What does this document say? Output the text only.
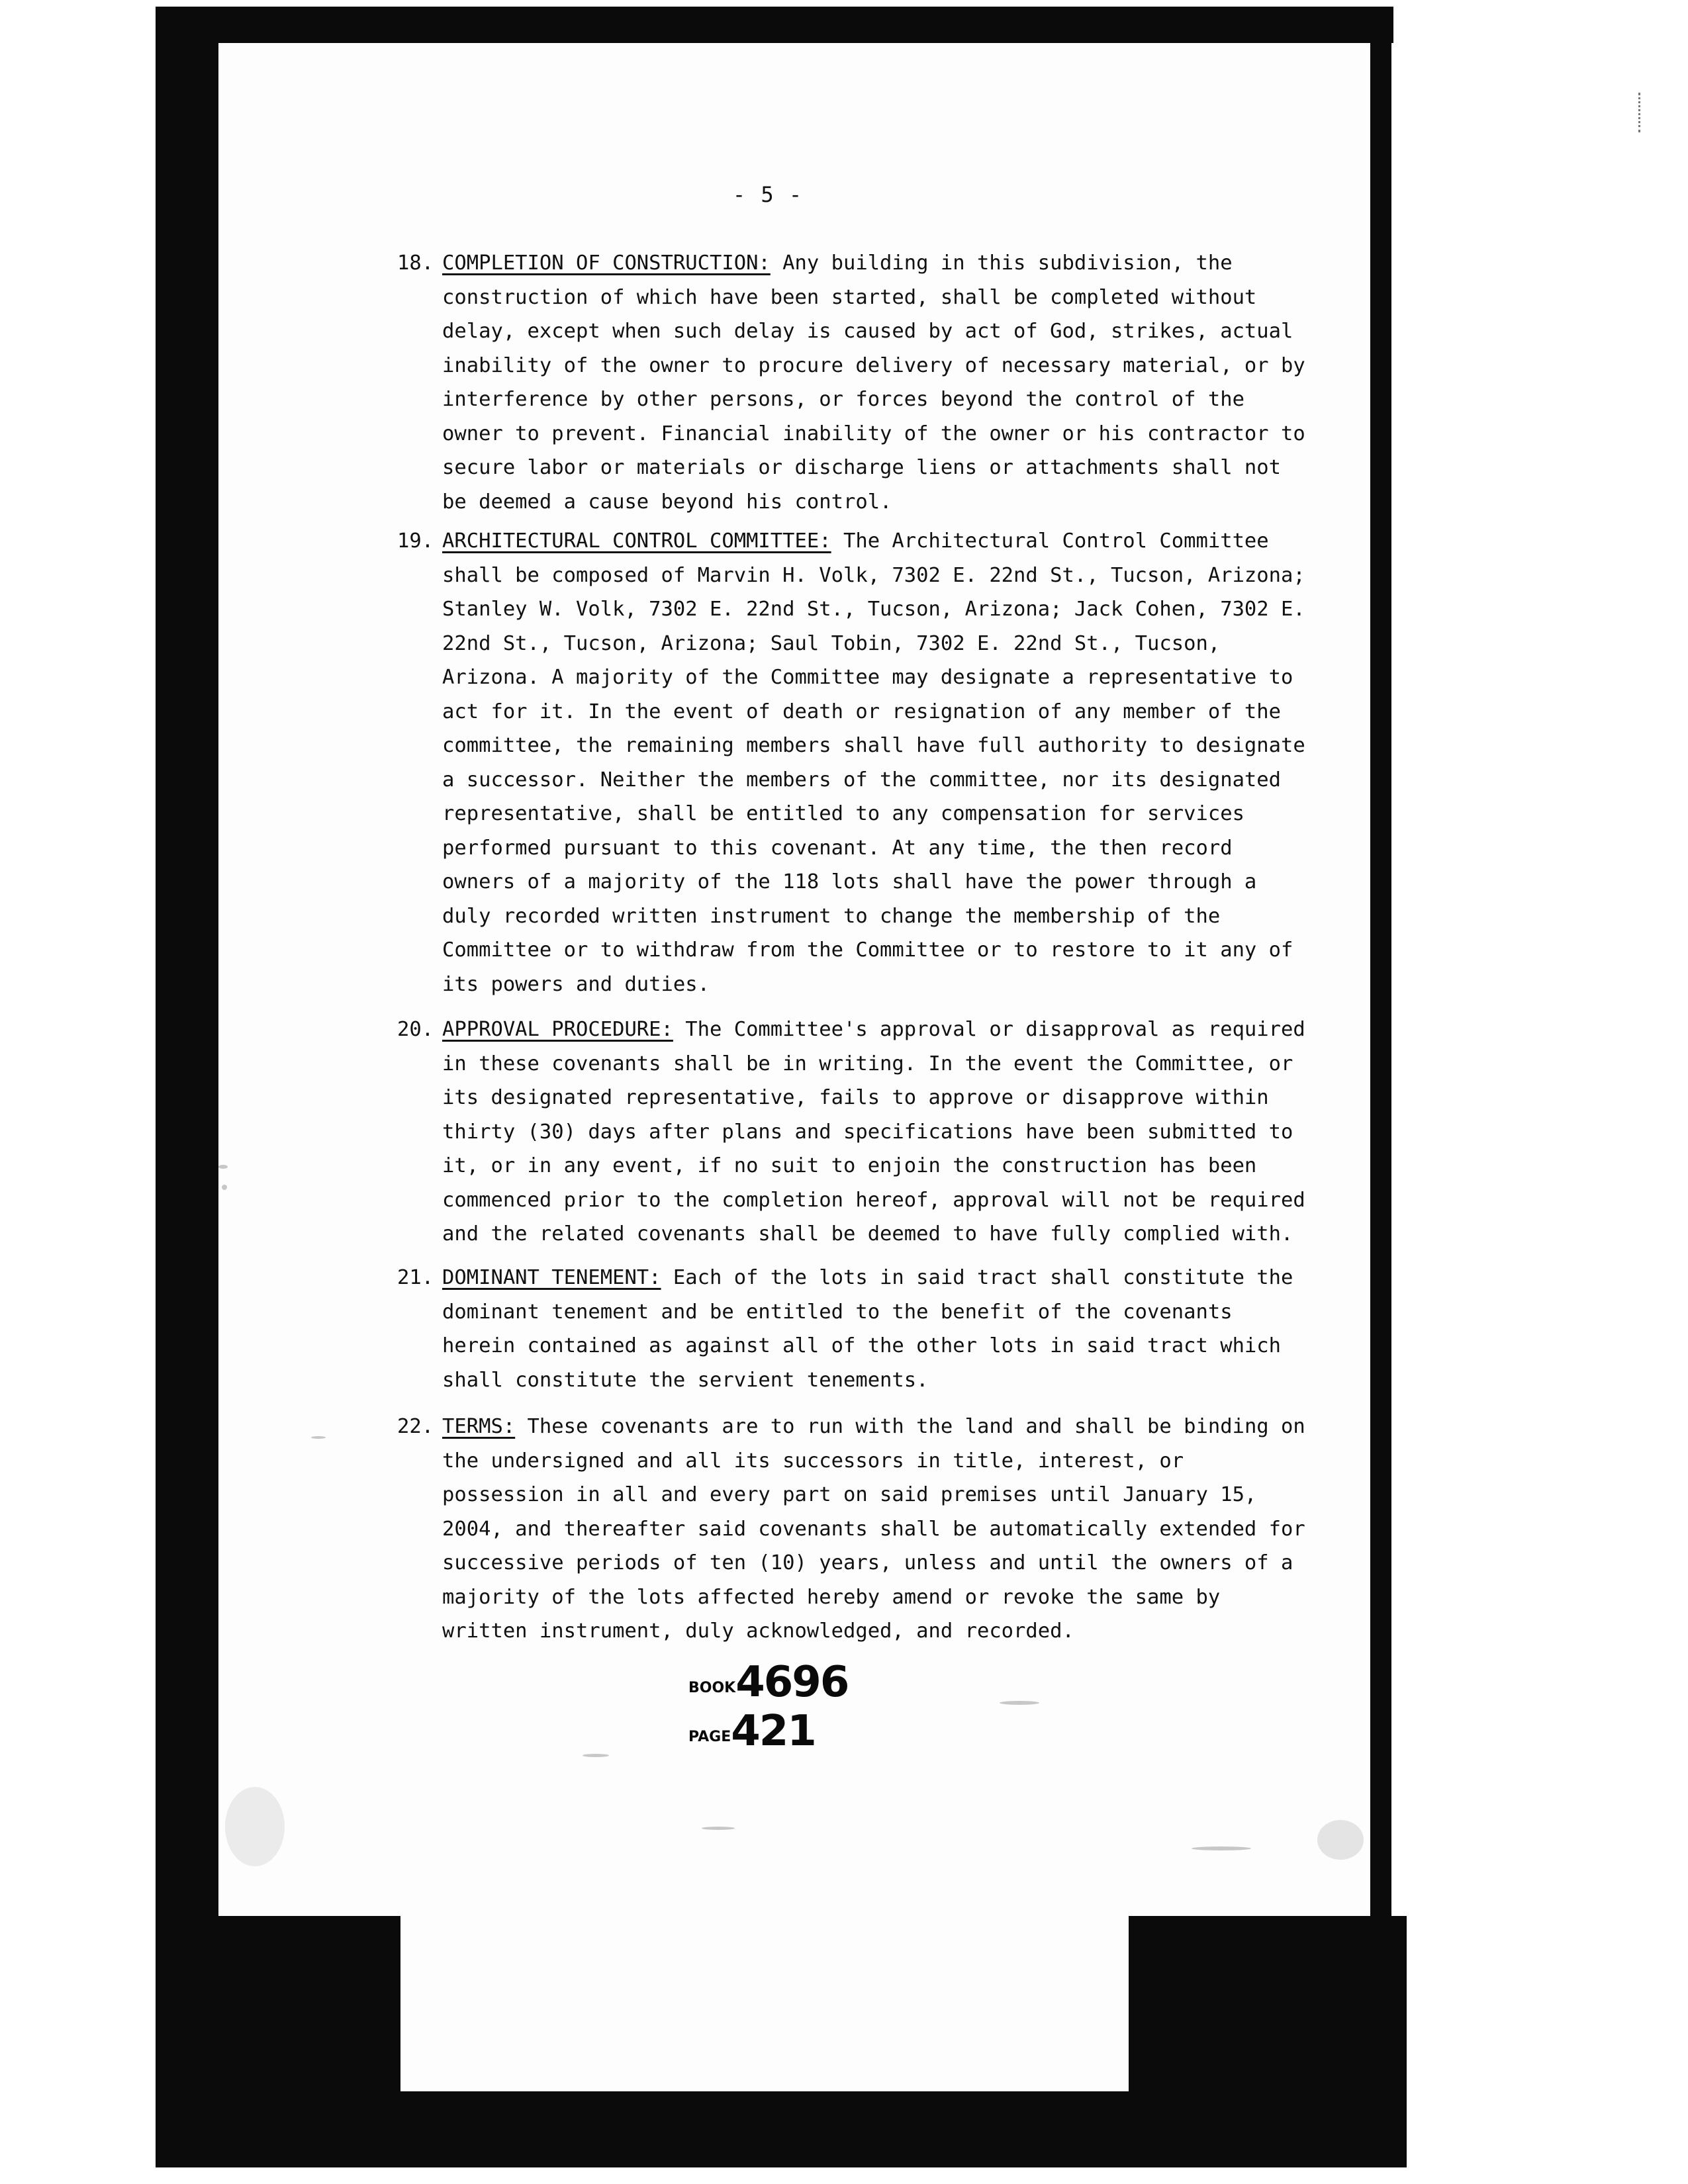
- 5 -
18. COMPLETION OF CONSTRUCTION: Any building in this subdivision, the construction of which have been started, shall be completed without delay, except when such delay is caused by act of God, strikes, actual inability of the owner to procure delivery of necessary material, or by interference by other persons, or forces beyond the control of the owner to prevent. Financial inability of the owner or his contractor to secure labor or materials or discharge liens or attachments shall not be deemed a cause beyond his control.
19. ARCHITECTURAL CONTROL COMMITTEE: The Architectural Control Committee shall be composed of Marvin H. Volk, 7302 E. 22nd St., Tucson, Arizona; Stanley W. Volk, 7302 E. 22nd St., Tucson, Arizona; Jack Cohen, 7302 E. 22nd St., Tucson, Arizona; Saul Tobin, 7302 E. 22nd St., Tucson, Arizona. A majority of the Committee may designate a representative to act for it. In the event of death or resignation of any member of the committee, the remaining members shall have full authority to designate a successor. Neither the members of the committee, nor its designated representative, shall be entitled to any compensation for services performed pursuant to this covenant. At any time, the then record owners of a majority of the 118 lots shall have the power through a duly recorded written instrument to change the membership of the Committee or to withdraw from the Committee or to restore to it any of its powers and duties.
20. APPROVAL PROCEDURE: The Committee's approval or disapproval as required in these covenants shall be in writing. In the event the Committee, or its designated representative, fails to approve or disapprove within thirty (30) days after plans and specifications have been submitted to it, or in any event, if no suit to enjoin the construction has been commenced prior to the completion hereof, approval will not be required and the related covenants shall be deemed to have fully complied with.
21. DOMINANT TENEMENT: Each of the lots in said tract shall constitute the dominant tenement and be entitled to the benefit of the covenants herein contained as against all of the other lots in said tract which shall constitute the servient tenements.
22. TERMS: These covenants are to run with the land and shall be binding on the undersigned and all its successors in title, interest, or possession in all and every part on said premises until January 15, 2004, and thereafter said covenants shall be automatically extended for successive periods of ten (10) years, unless and until the owners of a majority of the lots affected hereby amend or revoke the same by written instrument, duly acknowledged, and recorded.
BOOK4696 PAGE421
